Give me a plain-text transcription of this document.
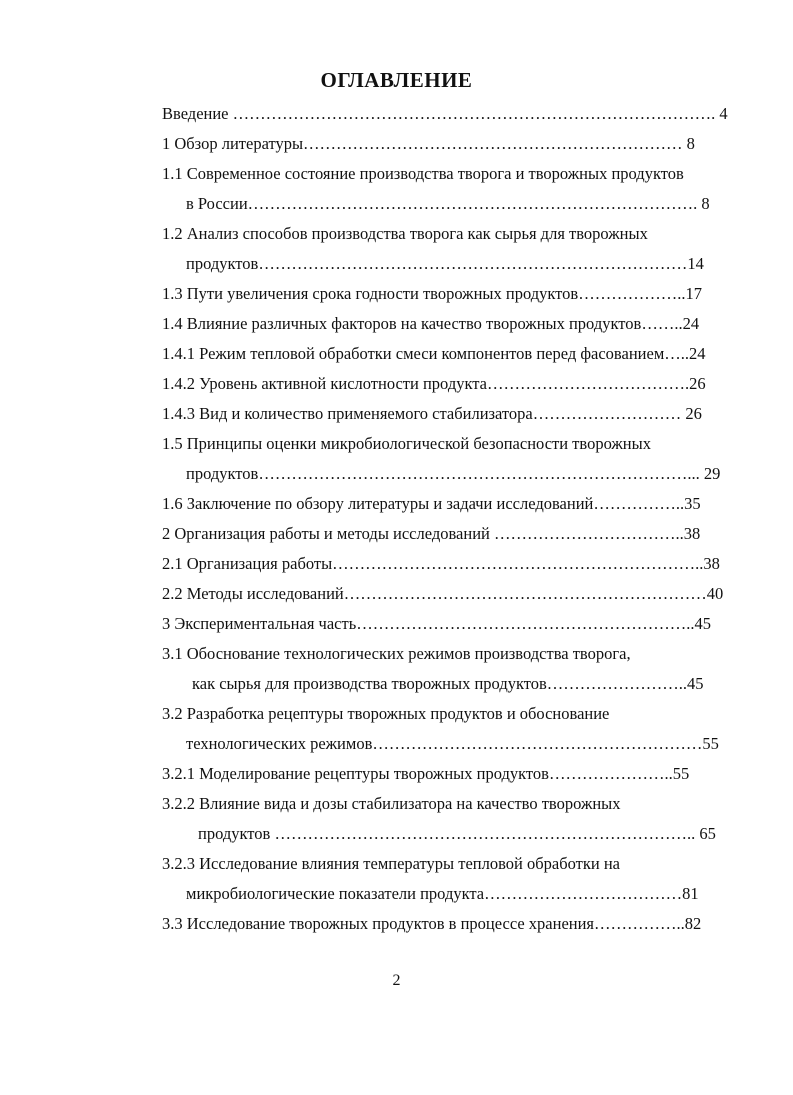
ОГЛАВЛЕНИЕ
Введение ……………………………………………………………………………. 4
1 Обзор литературы…………………………………………………………… 8
1.1 Современное состояние производства творога и творожных продуктов
в России………………………………………………………………………. 8
1.2 Анализ способов производства творога как сырья для творожных
продуктов……………………………………………………………………14
1.3 Пути увеличения срока годности творожных продуктов………………..17
1.4 Влияние различных факторов на качество творожных продуктов……..24
1.4.1 Режим тепловой обработки смеси компонентов перед фасованием…..24
1.4.2 Уровень активной кислотности продукта……………………………….26
1.4.3 Вид и количество применяемого стабилизатора……………………… 26
1.5 Принципы оценки микробиологической безопасности творожных
продуктов……………………………………………………………………... 29
1.6 Заключение по обзору литературы и задачи исследований……………..35
2 Организация работы и методы исследований ……………………………..38
2.1 Организация работы…………………………………………………………..38
2.2 Методы исследований…………………………………………………………40
3 Экспериментальная часть……………………………………………………..45
3.1 Обоснование технологических режимов производства творога,
как сырья для производства творожных продуктов……………………..45
3.2 Разработка рецептуры творожных продуктов и обоснование
технологических режимов……………………………………………………55
3.2.1 Моделирование рецептуры творожных продуктов…………………..55
3.2.2 Влияние вида и дозы стабилизатора на качество творожных
продуктов ………………………………………………………………….. 65
3.2.3 Исследование влияния температуры тепловой обработки на
микробиологические показатели продукта………………………………81
3.3 Исследование творожных продуктов в процессе хранения……………..82
2
